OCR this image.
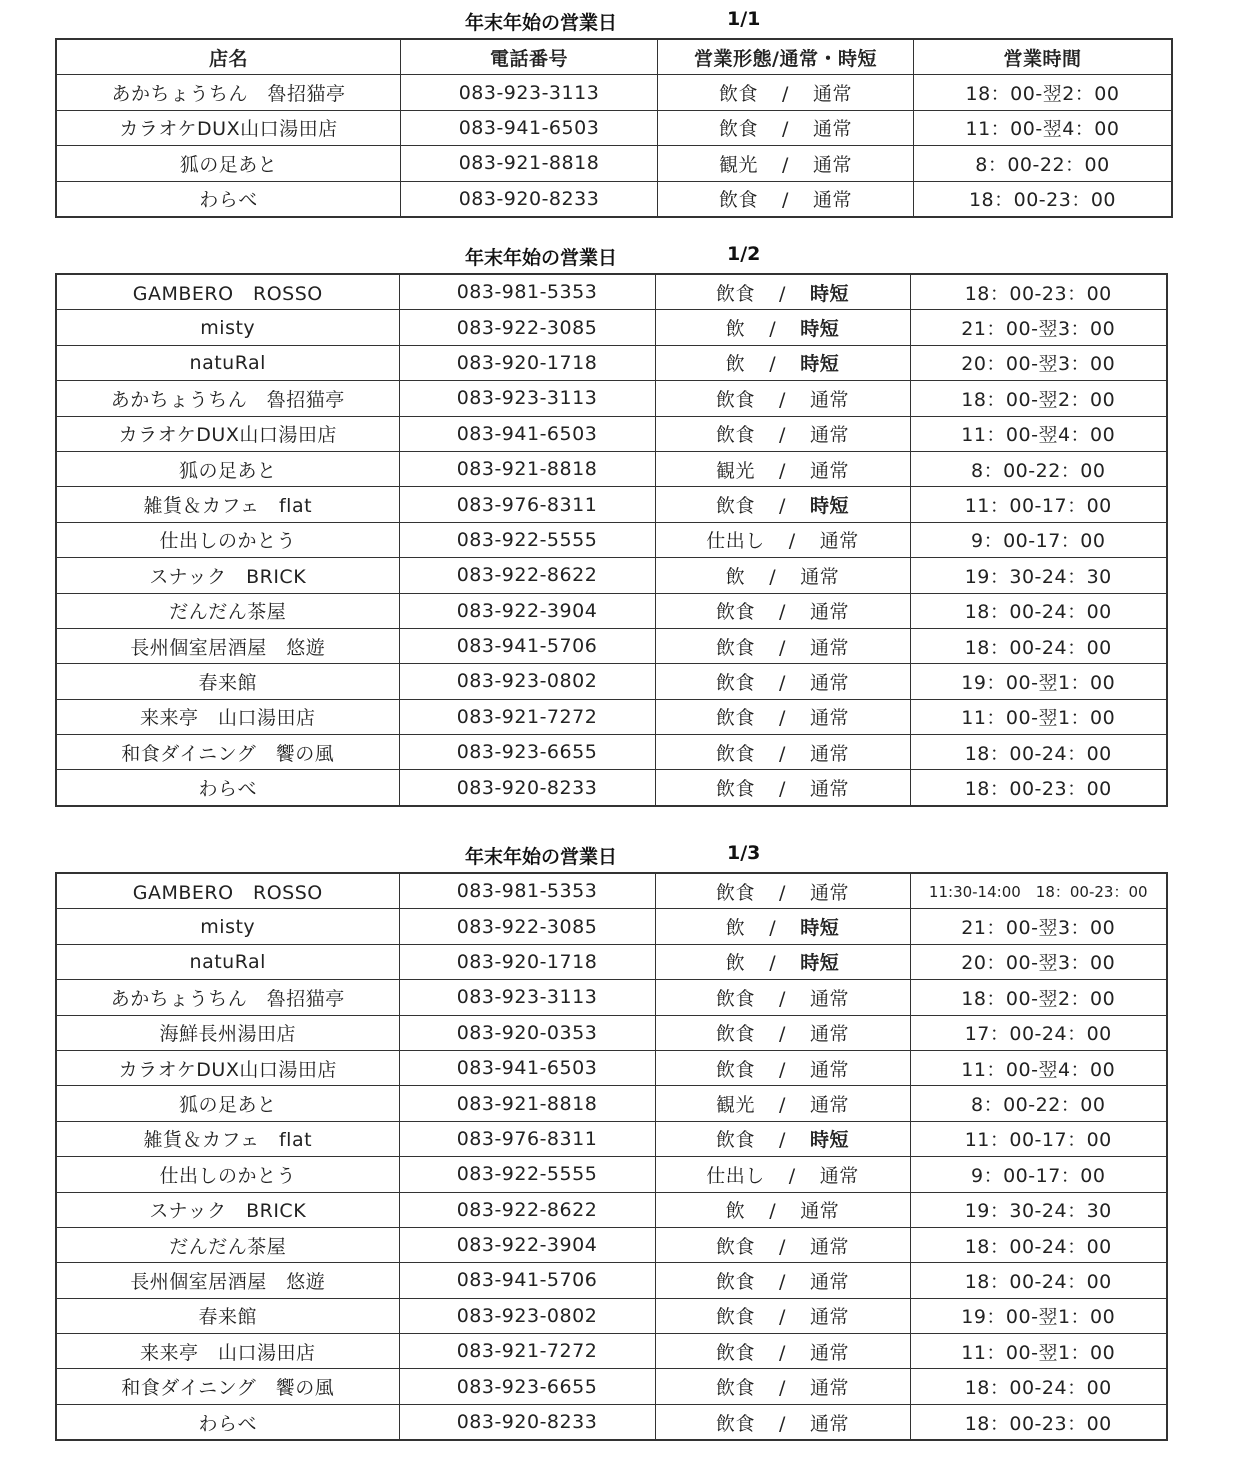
年末年始の営業日	1/1
店名	電話番号	営業形態/通常・時短	営業時間
あかちょうちん　魯招猫亭	083-923-3113	飲食 / 通常	18：00-翌2：00
カラオケDUX山口湯田店	083-941-6503	飲食 / 通常	11：00-翌4：00
狐の足あと	083-921-8818	観光 / 通常	8：00-22：00
わらべ	083-920-8233	飲食 / 通常	18：00-23：00
年末年始の営業日	1/2
GAMBERO　ROSSO	083-981-5353	飲食 / 時短	18：00-23：00
misty	083-922-3085	飲 / 時短	21：00-翌3：00
natuRal	083-920-1718	飲 / 時短	20：00-翌3：00
あかちょうちん　魯招猫亭	083-923-3113	飲食 / 通常	18：00-翌2：00
カラオケDUX山口湯田店	083-941-6503	飲食 / 通常	11：00-翌4：00
狐の足あと	083-921-8818	観光 / 通常	8：00-22：00
雑貨＆カフェ　flat	083-976-8311	飲食 / 時短	11：00-17：00
仕出しのかとう	083-922-5555	仕出し / 通常	9：00-17：00
スナック　BRICK	083-922-8622	飲 / 通常	19：30-24：30
だんだん茶屋	083-922-3904	飲食 / 通常	18：00-24：00
長州個室居酒屋　悠遊	083-941-5706	飲食 / 通常	18：00-24：00
春来館	083-923-0802	飲食 / 通常	19：00-翌1：00
来来亭　山口湯田店	083-921-7272	飲食 / 通常	11：00-翌1：00
和食ダイニング　饗の風	083-923-6655	飲食 / 通常	18：00-24：00
わらべ	083-920-8233	飲食 / 通常	18：00-23：00
年末年始の営業日	1/3
GAMBERO　ROSSO	083-981-5353	飲食 / 通常	11:30-14:00　18：00-23：00
misty	083-922-3085	飲 / 時短	21：00-翌3：00
natuRal	083-920-1718	飲 / 時短	20：00-翌3：00
あかちょうちん　魯招猫亭	083-923-3113	飲食 / 通常	18：00-翌2：00
海鮮長州湯田店	083-920-0353	飲食 / 通常	17：00-24：00
カラオケDUX山口湯田店	083-941-6503	飲食 / 通常	11：00-翌4：00
狐の足あと	083-921-8818	観光 / 通常	8：00-22：00
雑貨＆カフェ　flat	083-976-8311	飲食 / 時短	11：00-17：00
仕出しのかとう	083-922-5555	仕出し / 通常	9：00-17：00
スナック　BRICK	083-922-8622	飲 / 通常	19：30-24：30
だんだん茶屋	083-922-3904	飲食 / 通常	18：00-24：00
長州個室居酒屋　悠遊	083-941-5706	飲食 / 通常	18：00-24：00
春来館	083-923-0802	飲食 / 通常	19：00-翌1：00
来来亭　山口湯田店	083-921-7272	飲食 / 通常	11：00-翌1：00
和食ダイニング　饗の風	083-923-6655	飲食 / 通常	18：00-24：00
わらべ	083-920-8233	飲食 / 通常	18：00-23：00
